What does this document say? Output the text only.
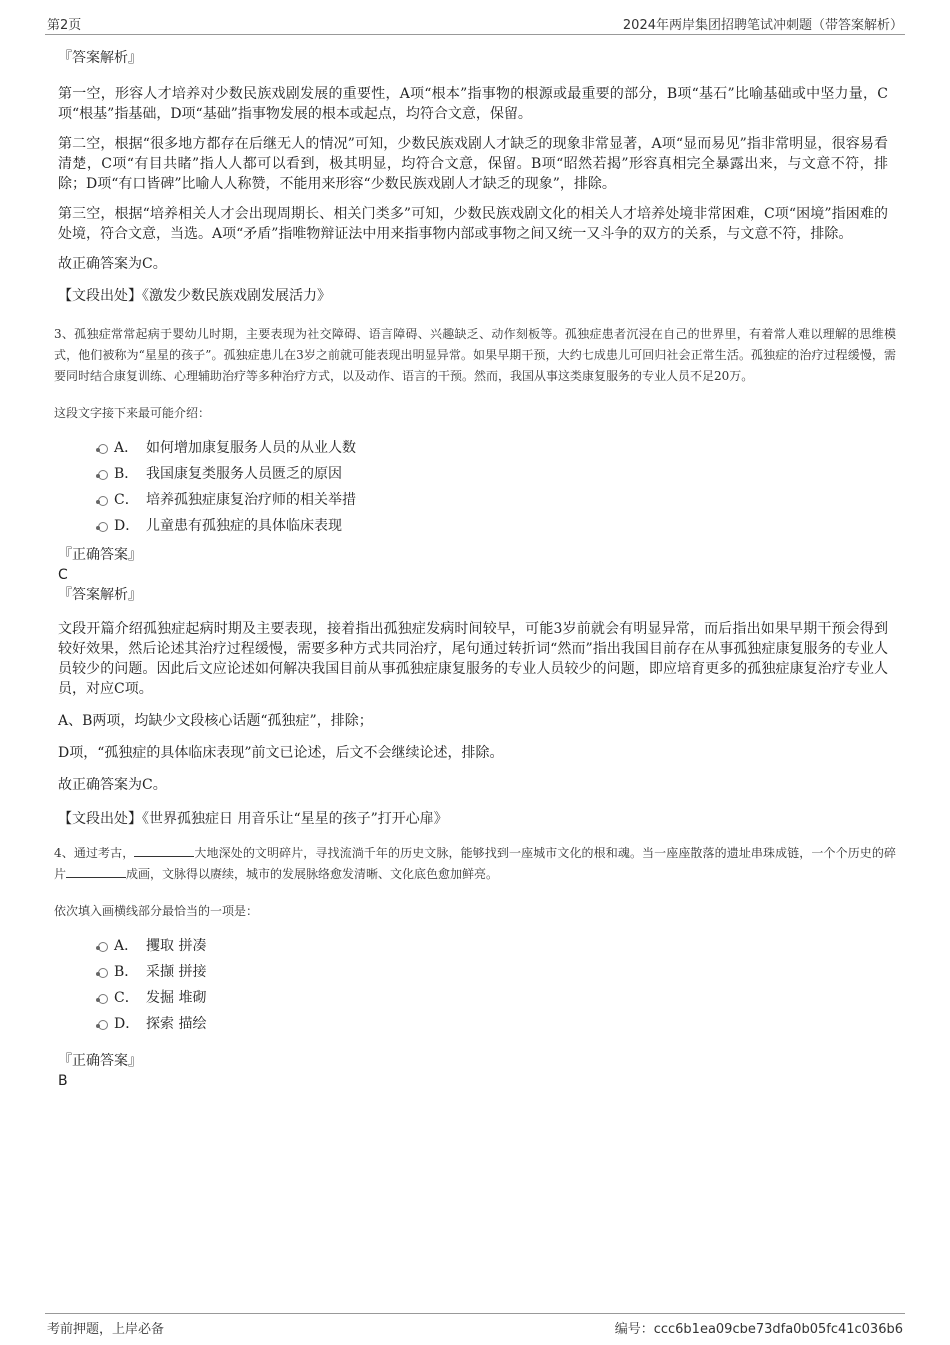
第2页	2024年两岸集团招聘笔试冲刺题（带答案解析）

『答案解析』

第一空，形容人才培养对少数民族戏剧发展的重要性，A项“根本”指事物的根源或最重要的部分，B项“基石”比喻基础或中坚力量，C项“根基”指基础，D项“基础”指事物发展的根本或起点，均符合文意，保留。

第二空，根据“很多地方都存在后继无人的情况”可知，少数民族戏剧人才缺乏的现象非常显著，A项“显而易见”指非常明显，很容易看清楚，C项“有目共睹”指人人都可以看到，极其明显，均符合文意，保留。B项“昭然若揭”形容真相完全暴露出来，与文意不符，排除；D项“有口皆碑”比喻人人称赞，不能用来形容“少数民族戏剧人才缺乏的现象”，排除。

第三空，根据“培养相关人才会出现周期长、相关门类多”可知，少数民族戏剧文化的相关人才培养处境非常困难，C项“困境”指困难的处境，符合文意，当选。A项“矛盾”指唯物辩证法中用来指事物内部或事物之间又统一又斗争的双方的关系，与文意不符，排除。

故正确答案为C。

【文段出处】《激发少数民族戏剧发展活力》

3、孤独症常常起病于婴幼儿时期，主要表现为社交障碍、语言障碍、兴趣缺乏、动作刻板等。孤独症患者沉浸在自己的世界里，有着常人难以理解的思维模式，他们被称为“星星的孩子”。孤独症患儿在3岁之前就可能表现出明显异常。如果早期干预，大约七成患儿可回归社会正常生活。孤独症的治疗过程缓慢，需要同时结合康复训练、心理辅助治疗等多种治疗方式，以及动作、语言的干预。然而，我国从事这类康复服务的专业人员不足20万。

这段文字接下来最可能介绍：

A． 如何增加康复服务人员的从业人数
B． 我国康复类服务人员匮乏的原因
C． 培养孤独症康复治疗师的相关举措
D． 儿童患有孤独症的具体临床表现

『正确答案』

C

『答案解析』

文段开篇介绍孤独症起病时期及主要表现，接着指出孤独症发病时间较早，可能3岁前就会有明显异常，而后指出如果早期干预会得到较好效果，然后论述其治疗过程缓慢，需要多种方式共同治疗，尾句通过转折词“然而”指出我国目前存在从事孤独症康复服务的专业人员较少的问题。因此后文应论述如何解决我国目前从事孤独症康复服务的专业人员较少的问题，即应培育更多的孤独症康复治疗专业人员，对应C项。

A、B两项，均缺少文段核心话题“孤独症”，排除；

D项，“孤独症的具体临床表现”前文已论述，后文不会继续论述，排除。

故正确答案为C。

【文段出处】《世界孤独症日 用音乐让“星星的孩子”打开心扉》

4、通过考古，	大地深处的文明碎片，寻找流淌千年的历史文脉，能够找到一座城市文化的根和魂。当一座座散落的遗址串珠成链，一个个历史的碎片	成画，文脉得以赓续，城市的发展脉络愈发清晰、文化底色愈加鲜亮。

依次填入画横线部分最恰当的一项是：

A． 攫取 拼凑
B． 采撷 拼接
C． 发掘 堆砌
D． 探索 描绘

『正确答案』

B

考前押题，上岸必备	编号：ccc6b1ea09cbe73dfa0b05fc41c036b6
